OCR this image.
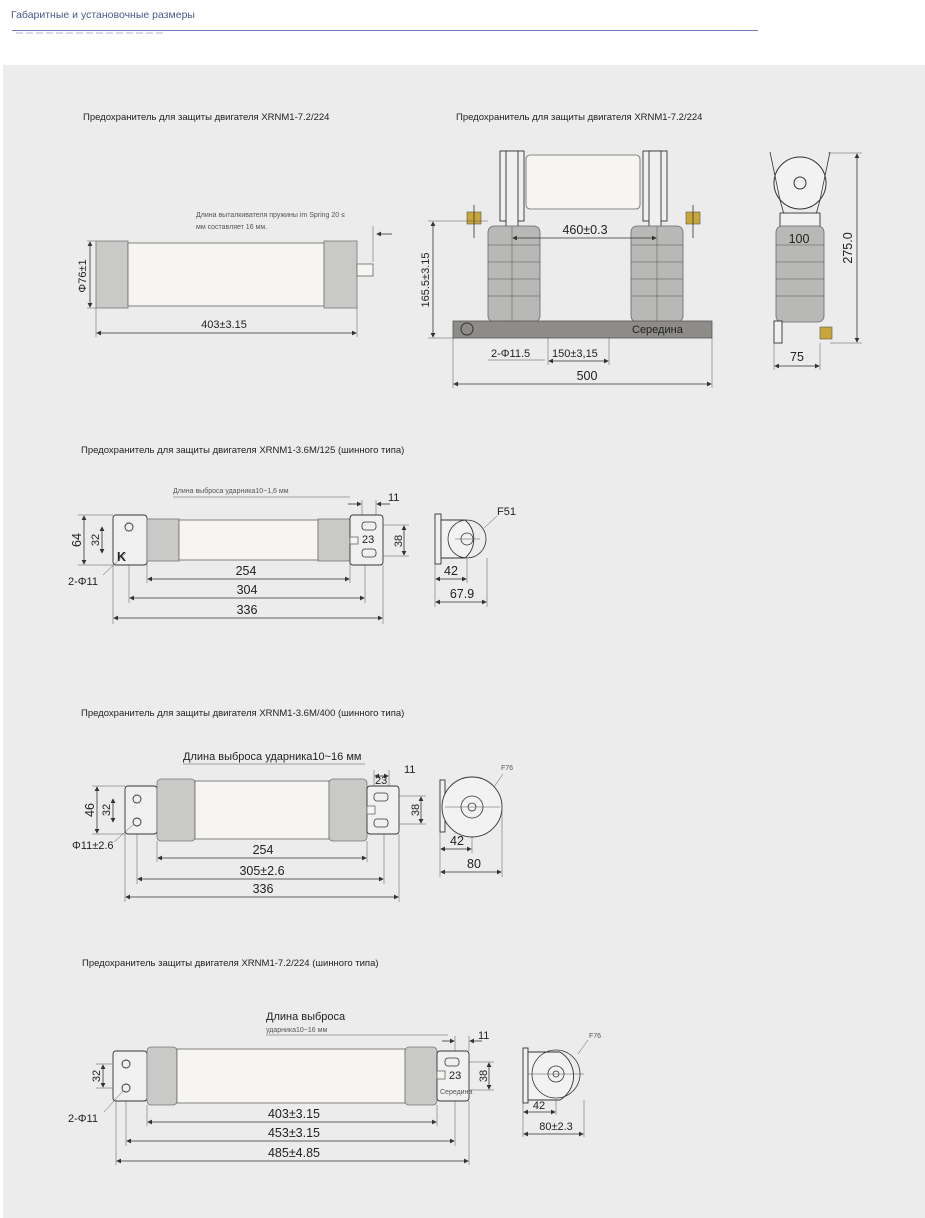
Габаритные и установочные размеры
Предохранитель для защиты двигателя XRNM1-7.2/224
Длина выталкивателя пружины im Spring 20 ≤
мм составляет 16 мм.
Φ76±1
403±3.15
Предохранитель для защиты двигателя XRNM1-7.2/224
460±0.3
Середина
165.5±3.15
2-Φ11.5 150±3,15
500
100	275.0
75
Предохранитель для защиты двигателя XRNM1-3.6M/125 (шинного типа)
Длина выброса ударника10~1,6 мм
K
64 32
2-Φ11
11
23 38
254
304
336
F51
42
67.9
Предохранитель для защиты двигателя XRNM1-3.6M/400 (шинного типа)
Длина выброса ударника10~16 мм
46 32
Φ11±2.6
23
11
38
254
305±2.6
336
F76
42
80
Предохранитель защиты двигателя XRNM1-7.2/224 (шинного типа)
Длина выброса
ударника10~16 мм
Середина
32
2-Φ11
11
23 38
403±3.15
453±3.15
485±4.85
F76
42
80±2.3
